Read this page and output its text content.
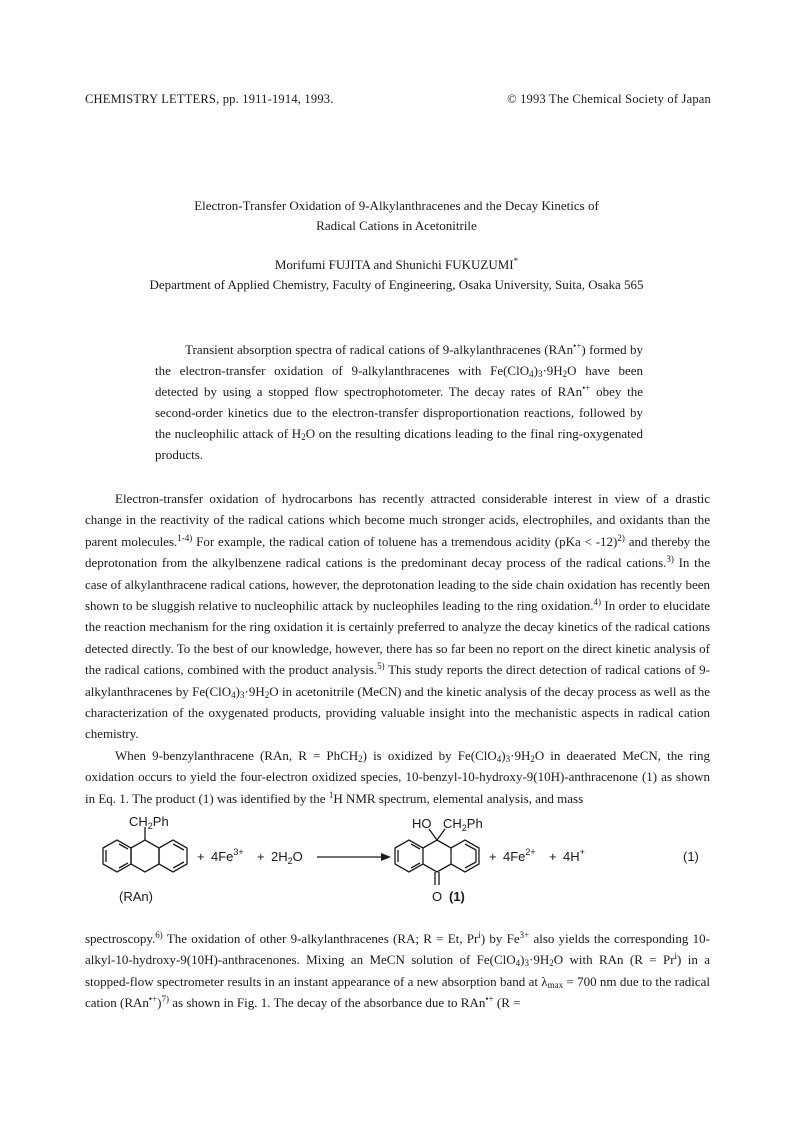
CHEMISTRY LETTERS, pp. 1911-1914, 1993.	© 1993 The Chemical Society of Japan
Electron-Transfer Oxidation of 9-Alkylanthracenes and the Decay Kinetics of
Radical Cations in Acetonitrile
Morifumi FUJITA and Shunichi FUKUZUMI*
Department of Applied Chemistry, Faculty of Engineering, Osaka University, Suita, Osaka 565

Transient absorption spectra of radical cations of 9-alkylanthracenes (RAn•+) formed by the electron-transfer oxidation of 9-alkylanthracenes with $Fe(ClO_4)_3\cdot 9H_2O$ have been detected by using a stopped flow spectrophotometer. The decay rates of RAn•+ obey the second-order kinetics due to the electron-transfer disproportionation reactions, followed by the nucleophilic attack of $H_2O$ on the resulting dications leading to the final ring-oxygenated products.

Electron-transfer oxidation of hydrocarbons has recently attracted considerable interest in view of a drastic change in the reactivity of the radical cations which become much stronger acids, electrophiles, and oxidants than the parent molecules.$^{1-4)}$ For example, the radical cation of toluene has a tremendous acidity (pKa < -12)$^{2)}$ and thereby the deprotonation from the alkylbenzene radical cations is the predominant decay process of the radical cations.$^{3)}$ In the case of alkylanthracene radical cations, however, the deprotonation leading to the side chain oxidation has recently been shown to be sluggish relative to nucleophilic attack by nucleophiles leading to the ring oxidation.$^{4)}$ In order to elucidate the reaction mechanism for the ring oxidation it is certainly preferred to analyze the decay kinetics of the radical cations detected directly. To the best of our knowledge, however, there has so far been no report on the direct kinetic analysis of the radical cations, combined with the product analysis.$^{5)}$ This study reports the direct detection of radical cations of 9-alkylanthracenes by $Fe(ClO_4)_3\cdot 9H_2O$ in acetonitrile (MeCN) and the kinetic analysis of the decay process as well as the characterization of the oxygenated products, providing valuable insight into the mechanistic aspects in radical cation chemistry.

When 9-benzylanthracene (RAn, R = PhCH$_2$) is oxidized by $Fe(ClO_4)_3\cdot 9H_2O$ in deaerated MeCN, the ring oxidation occurs to yield the four-electron oxidized species, 10-benzyl-10-hydroxy-9(10H)-anthracenone (1) as shown in Eq. 1. The product (1) was identified by the $^1$H NMR spectrum, elemental analysis, and mass

$CH_2Ph$
(RAn)
+ $4Fe^{3+} + 2H_2O$
HO $CH_2Ph$
O (1)
+ $4Fe^{2+} + 4H^+$	(1)

spectroscopy.$^{6)}$ The oxidation of other 9-alkylanthracenes (RA; R = Et, Pr$^i$) by $Fe^{3+}$ also yields the corresponding 10-alkyl-10-hydroxy-9(10H)-anthracenones. Mixing an MeCN solution of $Fe(ClO_4)_3\cdot 9H_2O$ with RAn $(R = Pr^i)$ in a stopped-flow spectrometer results in an instant appearance of a new absorption band at $\lambda_{max} = 700$ nm due to the radical cation $(RAn^{•+})^{7)}$ as shown in Fig. 1. The decay of the absorbance due to RAn•+ (R =
